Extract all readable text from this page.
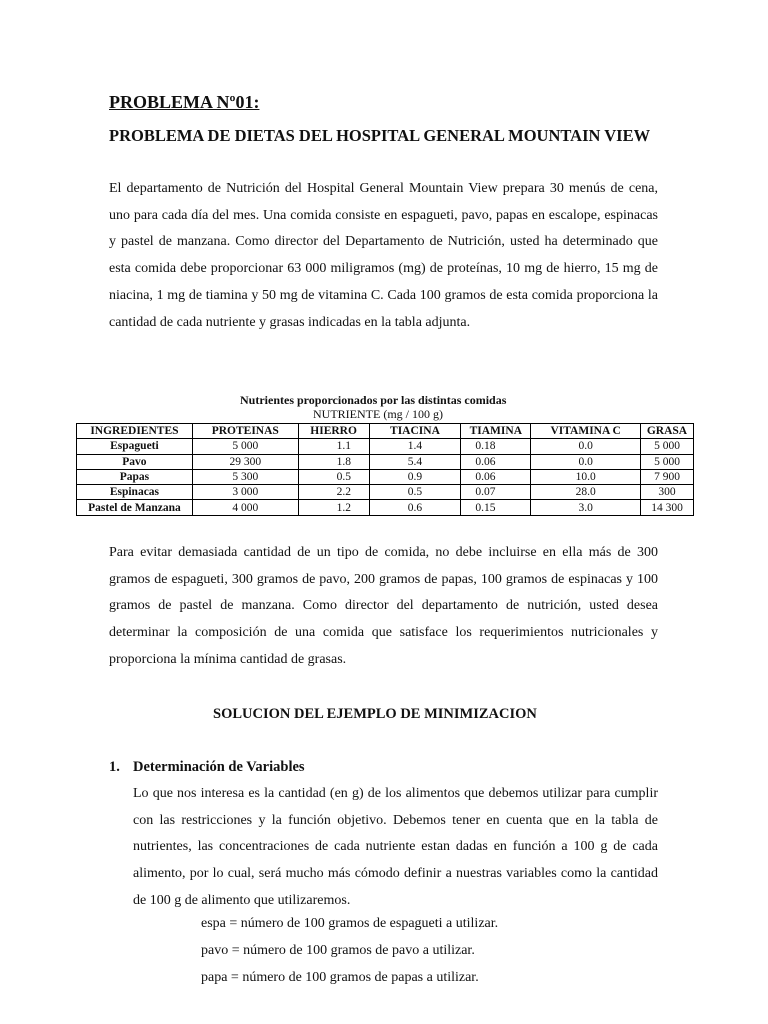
PROBLEMA Nº01:
PROBLEMA DE DIETAS DEL HOSPITAL GENERAL MOUNTAIN VIEW

El departamento de Nutrición del Hospital General Mountain View prepara 30 menús de cena, uno para cada día del mes. Una comida consiste en espagueti, pavo, papas en escalope, espinacas y pastel de manzana. Como director del Departamento de Nutrición, usted ha determinado que esta comida debe proporcionar 63 000 miligramos (mg) de proteínas, 10 mg de hierro, 15 mg de niacina, 1 mg de tiamina y 50 mg de vitamina C. Cada 100 gramos de esta comida proporciona la cantidad de cada nutriente y grasas indicadas en la tabla adjunta.

Nutrientes proporcionados por las distintas comidas
NUTRIENTE (mg / 100 g)
INGREDIENTES	PROTEINAS	HIERRO	TIACINA	TIAMINA	VITAMINA C	GRASA
Espagueti	5 000	1.1	1.4	0.18	0.0	5 000
Pavo	29 300	1.8	5.4	0.06	0.0	5 000
Papas	5 300	0.5	0.9	0.06	10.0	7 900
Espinacas	3 000	2.2	0.5	0.07	28.0	300
Pastel de Manzana	4 000	1.2	0.6	0.15	3.0	14 300

Para evitar demasiada cantidad de un tipo de comida, no debe incluirse en ella más de 300 gramos de espagueti, 300 gramos de pavo, 200 gramos de papas, 100 gramos de espinacas y 100 gramos de pastel de manzana. Como director del departamento de nutrición, usted desea determinar la composición de una comida que satisface los requerimientos nutricionales y proporciona la mínima cantidad de grasas.

SOLUCION DEL EJEMPLO DE MINIMIZACION
1. Determinación de Variables

Lo que nos interesa es la cantidad (en g) de los alimentos que debemos utilizar para cumplir con las restricciones y la función objetivo. Debemos tener en cuenta que en la tabla de nutrientes, las concentraciones de cada nutriente estan dadas en función a 100 g de cada alimento, por lo cual, será mucho más cómodo definir a nuestras variables como la cantidad de 100 g de alimento que utilizaremos.

espa = número de 100 gramos de espagueti a utilizar.
pavo = número de 100 gramos de pavo a utilizar.
papa = número de 100 gramos de papas a utilizar.
